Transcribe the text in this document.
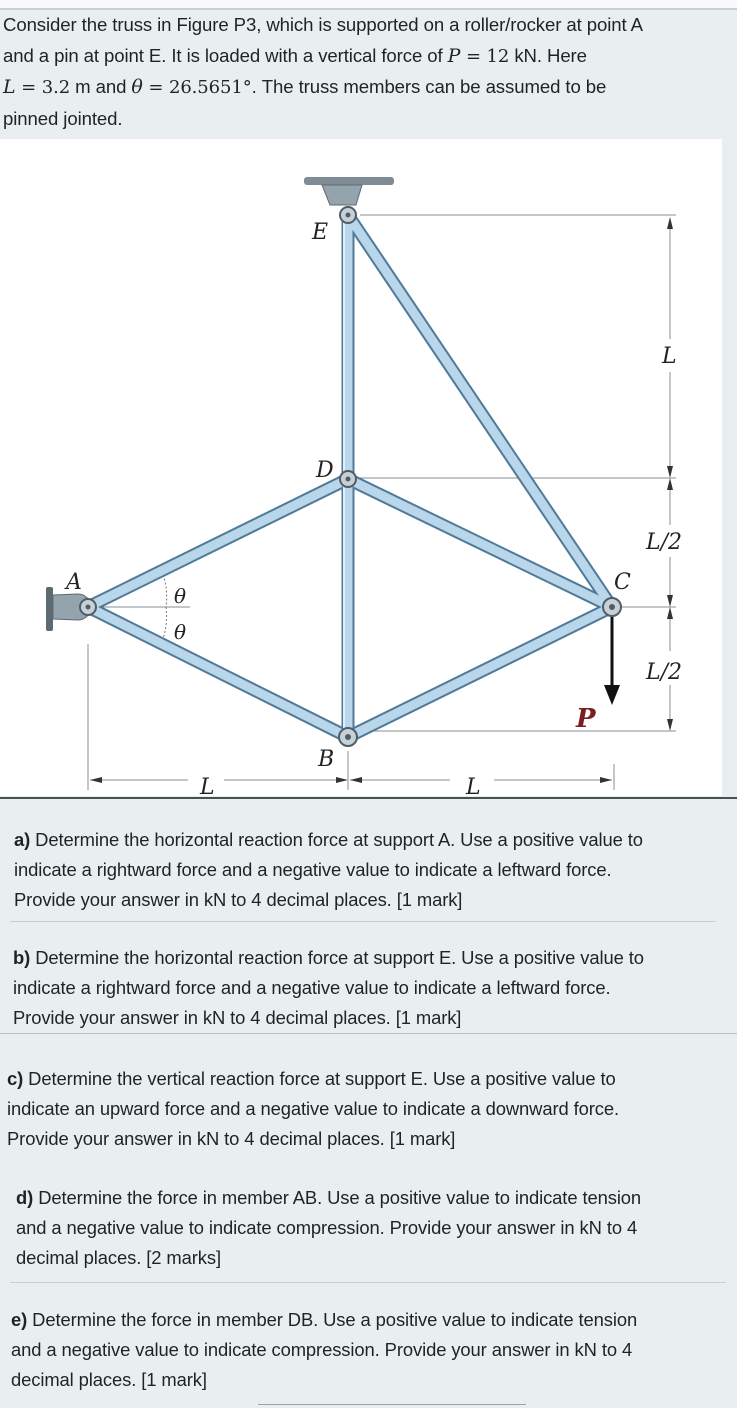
Consider the truss in Figure P3, which is supported on a roller/rocker at point A
and a pin at point E. It is loaded with a vertical force of P = 12 kN. Here
L = 3.2 m and θ = 26.5651°. The truss members can be assumed to be
pinned jointed.
E
D
A	C
B
P
θ
θ
L
L/2
L/2
L	L
a) Determine the horizontal reaction force at support A. Use a positive value to
indicate a rightward force and a negative value to indicate a leftward force.
Provide your answer in kN to 4 decimal places. [1 mark]
b) Determine the horizontal reaction force at support E. Use a positive value to
indicate a rightward force and a negative value to indicate a leftward force.
Provide your answer in kN to 4 decimal places. [1 mark]
c) Determine the vertical reaction force at support E. Use a positive value to
indicate an upward force and a negative value to indicate a downward force.
Provide your answer in kN to 4 decimal places. [1 mark]
d) Determine the force in member AB. Use a positive value to indicate tension
and a negative value to indicate compression. Provide your answer in kN to 4
decimal places. [2 marks]
e) Determine the force in member DB. Use a positive value to indicate tension
and a negative value to indicate compression. Provide your answer in kN to 4
decimal places. [1 mark]
